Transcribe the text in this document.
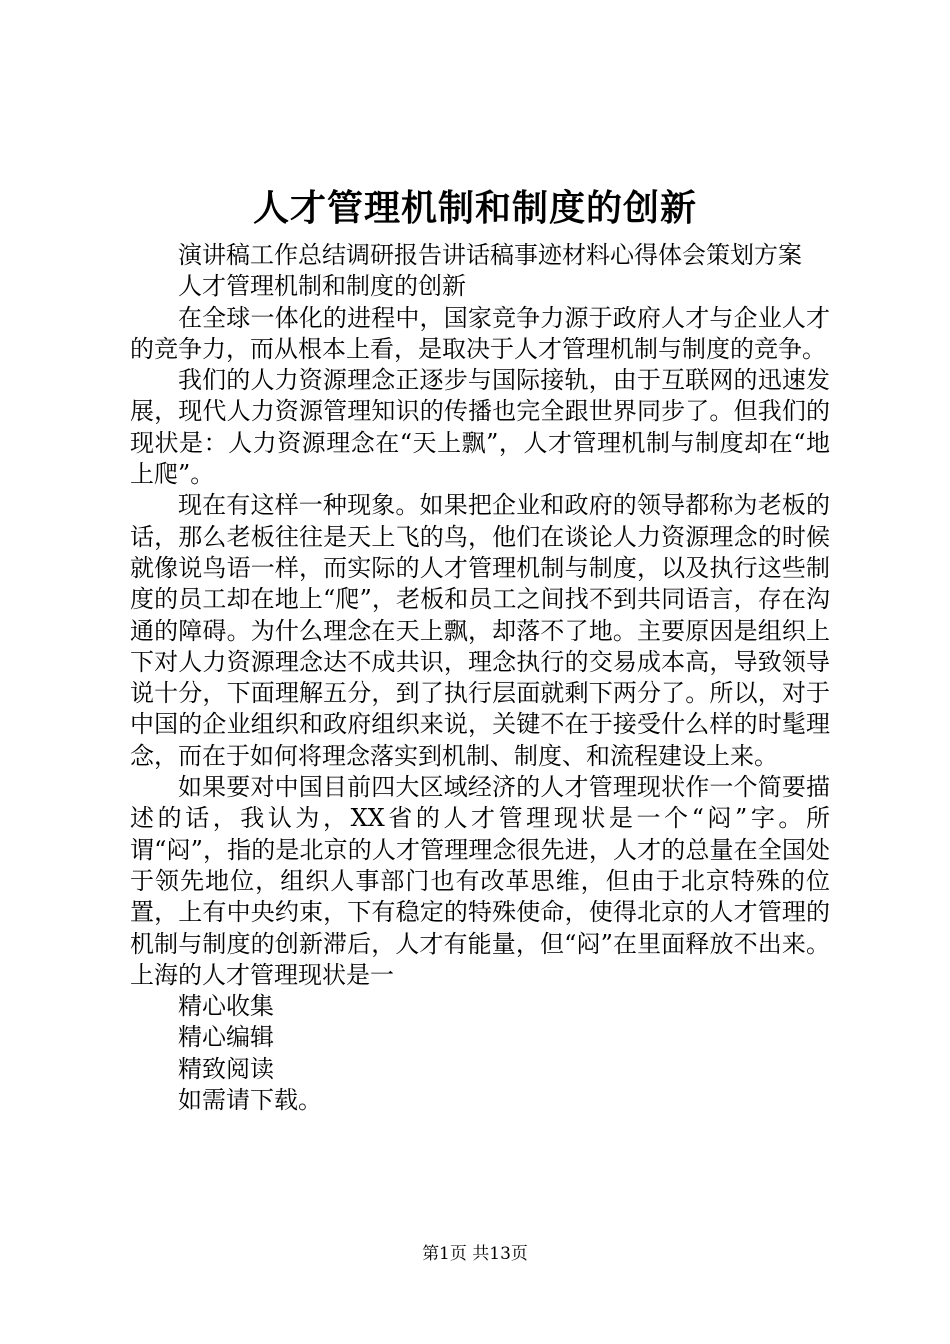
人才管理机制和制度的创新

演讲稿工作总结调研报告讲话稿事迹材料心得体会策划方案

人才管理机制和制度的创新

在全球一体化的进程中，国家竞争力源于政府人才与企业人才的竞争力，而从根本上看，是取决于人才管理机制与制度的竞争。

我们的人力资源理念正逐步与国际接轨，由于互联网的迅速发展，现代人力资源管理知识的传播也完全跟世界同步了。但我们的现状是：人力资源理念在“天上飘”，人才管理机制与制度却在“地上爬”。

现在有这样一种现象。如果把企业和政府的领导都称为老板的话，那么老板往往是天上飞的鸟，他们在谈论人力资源理念的时候就像说鸟语一样，而实际的人才管理机制与制度，以及执行这些制度的员工却在地上“爬”，老板和员工之间找不到共同语言，存在沟通的障碍。为什么理念在天上飘，却落不了地。主要原因是组织上下对人力资源理念达不成共识，理念执行的交易成本高，导致领导说十分，下面理解五分，到了执行层面就剩下两分了。所以，对于中国的企业组织和政府组织来说，关键不在于接受什么样的时髦理念，而在于如何将理念落实到机制、制度、和流程建设上来。

如果要对中国目前四大区域经济的人才管理现状作一个简要描述的话，我认为，XX省的人才管理现状是一个“闷”字。所谓“闷”，指的是北京的人才管理理念很先进，人才的总量在全国处于领先地位，组织人事部门也有改革思维，但由于北京特殊的位置，上有中央约束，下有稳定的特殊使命，使得北京的人才管理的机制与制度的创新滞后，人才有能量，但“闷”在里面释放不出来。上海的人才管理现状是一

精心收集

精心编辑

精致阅读

如需请下载。

第1页 共13页
